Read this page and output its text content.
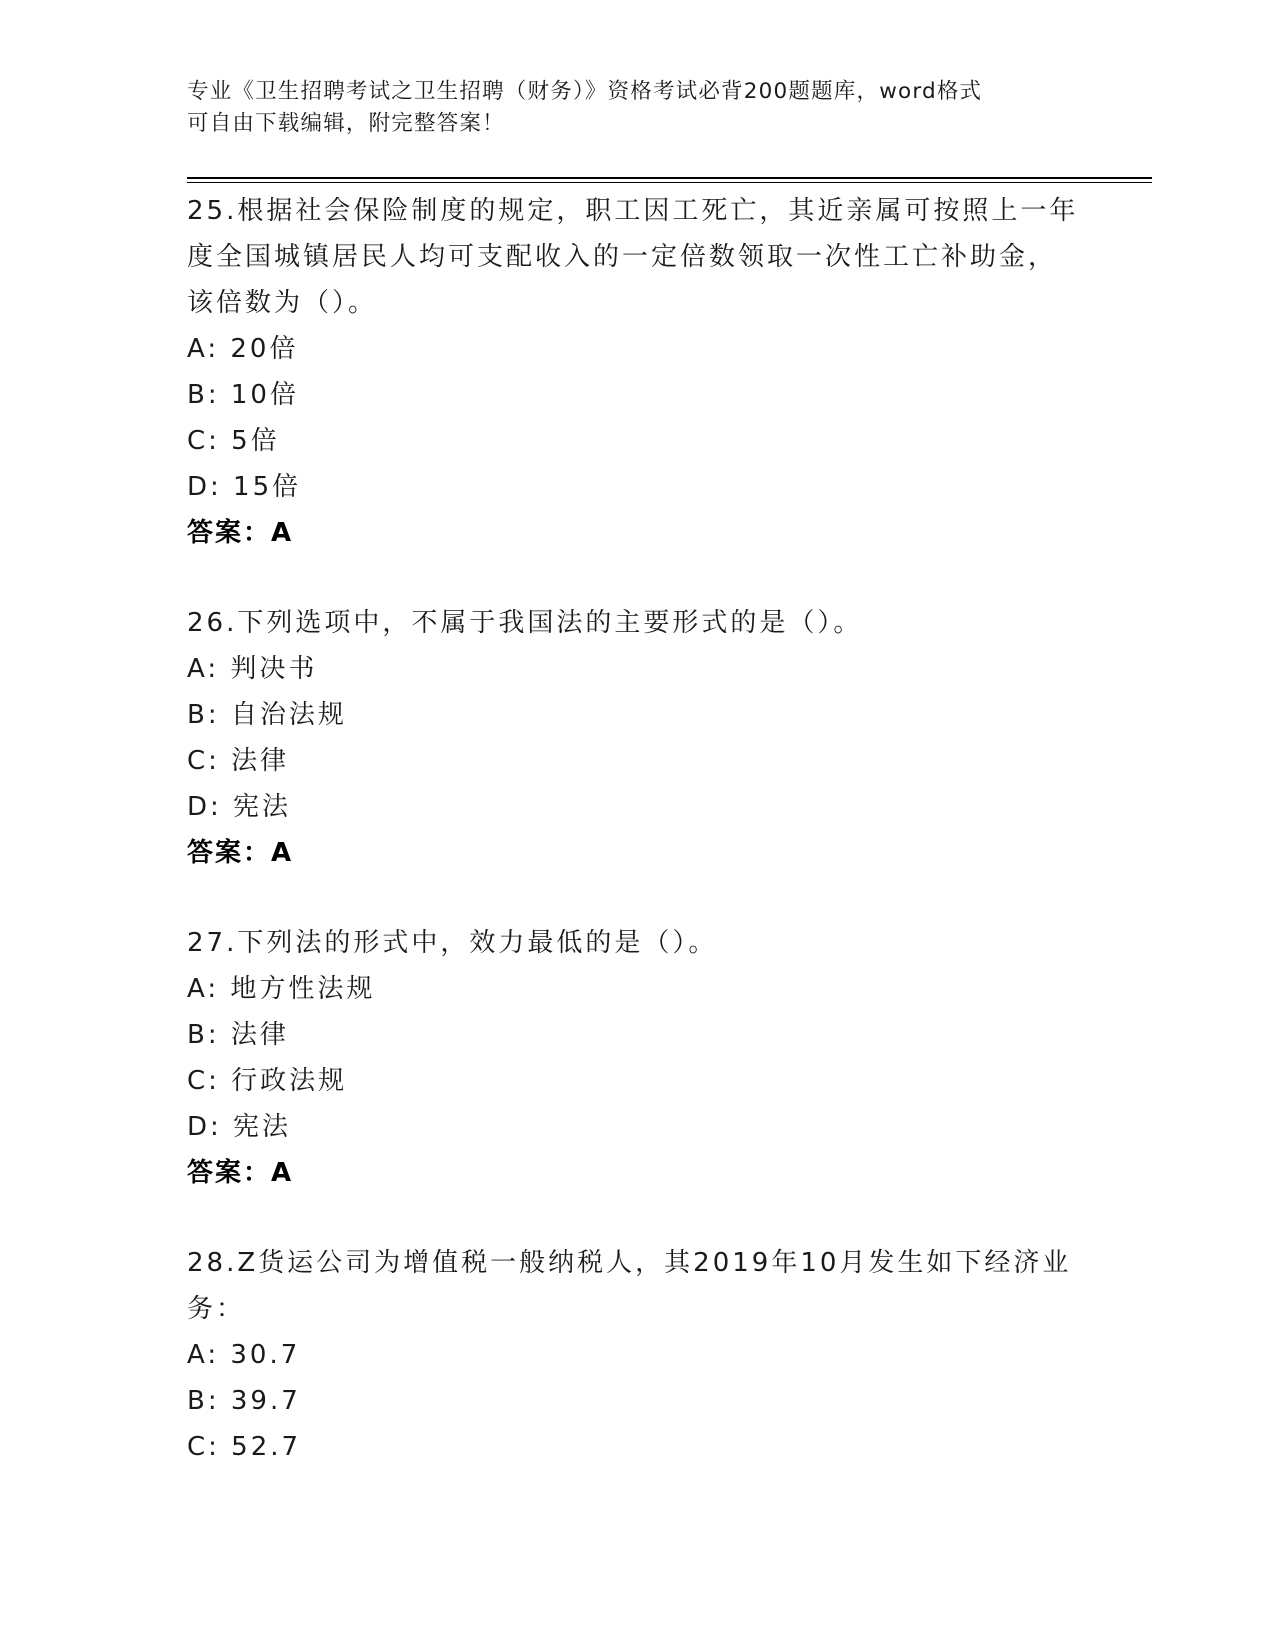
专业《卫生招聘考试之卫生招聘（财务）》资格考试必背200题题库，word格式
可自由下载编辑，附完整答案！
25.根据社会保险制度的规定，职工因工死亡，其近亲属可按照上一年
度全国城镇居民人均可支配收入的一定倍数领取一次性工亡补助金，
该倍数为（）。
A: 20倍
B: 10倍
C: 5倍
D: 15倍
答案：A
26.下列选项中，不属于我国法的主要形式的是（）。
A: 判决书
B: 自治法规
C: 法律
D: 宪法
答案：A
27.下列法的形式中，效力最低的是（）。
A: 地方性法规
B: 法律
C: 行政法规
D: 宪法
答案：A
28.Z货运公司为增值税一般纳税人，其2019年10月发生如下经济业
务：
A: 30.7
B: 39.7
C: 52.7
